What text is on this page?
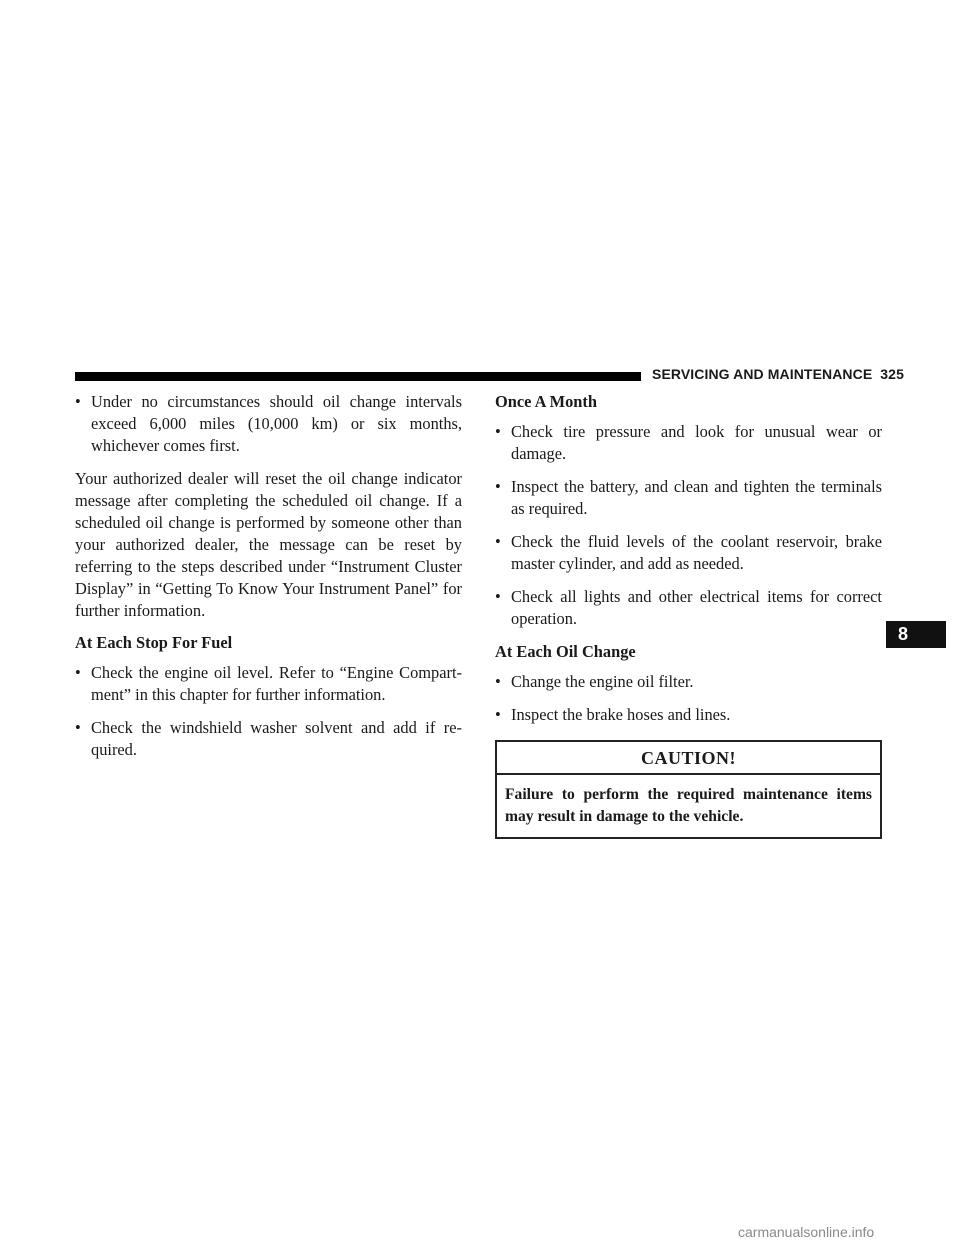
SERVICING AND MAINTENANCE 325
• Under no circumstances should oil change intervals exceed 6,000 miles (10,000 km) or six months, whichever comes first.

Your authorized dealer will reset the oil change indicator message after completing the scheduled oil change. If a scheduled oil change is performed by someone other than your authorized dealer, the message can be reset by referring to the steps described under “Instrument Cluster Display” in “Getting To Know Your Instrument Panel” for further information.

At Each Stop For Fuel
• Check the engine oil level. Refer to “Engine Compart-ment” in this chapter for further information.
• Check the windshield washer solvent and add if re-quired.
Once A Month
• Check tire pressure and look for unusual wear or damage.
• Inspect the battery, and clean and tighten the terminals as required.
• Check the fluid levels of the coolant reservoir, brake master cylinder, and add as needed.
• Check all lights and other electrical items for correct operation.
At Each Oil Change
• Change the engine oil filter.
• Inspect the brake hoses and lines.
CAUTION!
Failure to perform the required maintenance items may result in damage to the vehicle.
8
carmanualsonline.info
